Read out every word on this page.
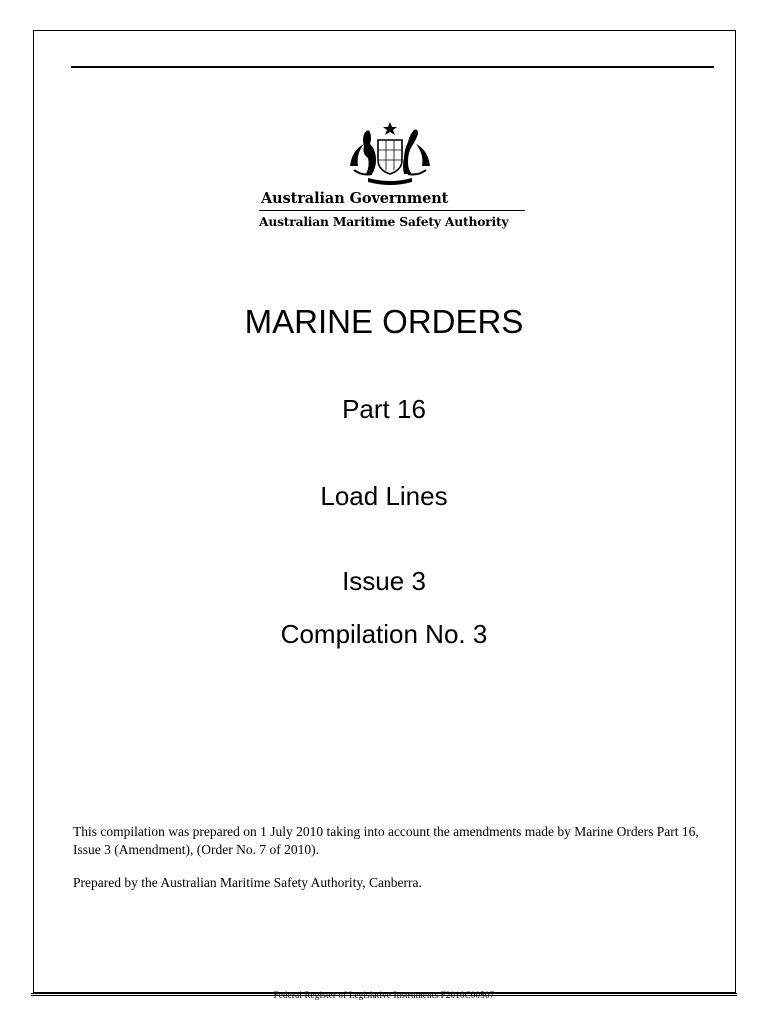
Australian Government
Australian Maritime Safety Authority
MARINE ORDERS
Part 16
Load Lines
Issue 3
Compilation No. 3
This compilation was prepared on 1 July 2010 taking into account the amendments made by Marine Orders Part 16, Issue 3 (Amendment), (Order No. 7 of 2010).
Prepared by the Australian Maritime Safety Authority, Canberra.
Federal Register of Legislative Instruments F2010C00507
